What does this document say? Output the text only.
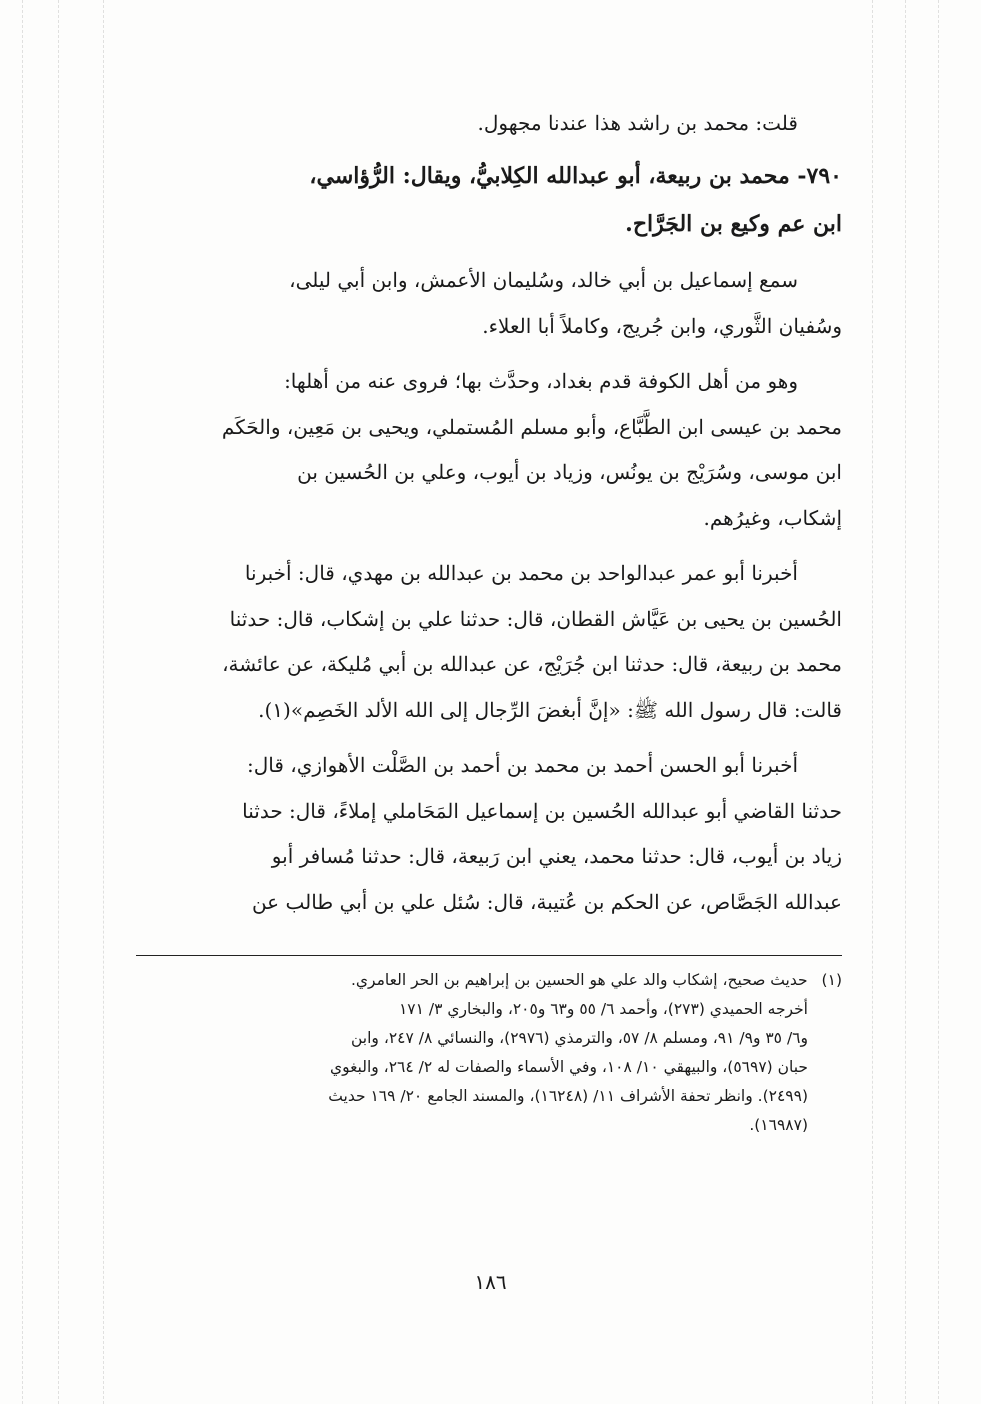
قلت: محمد بن راشد هذا عندنا مجهول.
٧٩٠- محمد بن ربيعة، أبو عبدالله الكِلابيُّ، ويقال: الرُّؤاسي،
ابن عم وكيع بن الجَرَّاح.
سمع إسماعيل بن أبي خالد، وسُليمان الأعمش، وابن أبي ليلى،
وسُفيان الثَّوري، وابن جُريج، وكاملاً أبا العلاء.
وهو من أهل الكوفة قدم بغداد، وحدَّث بها؛ فروى عنه من أهلها:
محمد بن عيسى ابن الطَّبَّاع، وأبو مسلم المُستملي، ويحيى بن مَعِين، والحَكَم
ابن موسى، وسُرَيْج بن يونُس، وزياد بن أيوب، وعلي بن الحُسين بن
إشكاب، وغيرُهم.
أخبرنا أبو عمر عبدالواحد بن محمد بن عبدالله بن مهدي، قال: أخبرنا
الحُسين بن يحيى بن عَيَّاش القطان، قال: حدثنا علي بن إشكاب، قال: حدثنا
محمد بن ربيعة، قال: حدثنا ابن جُرَيْج، عن عبدالله بن أبي مُليكة، عن عائشة،
قالت: قال رسول الله ﷺ: «إنَّ أبغضَ الرِّجال إلى الله الألد الخَصِم»(١).
أخبرنا أبو الحسن أحمد بن محمد بن أحمد بن الصَّلْت الأهوازي، قال:
حدثنا القاضي أبو عبدالله الحُسين بن إسماعيل المَحَاملي إملاءً، قال: حدثنا
زياد بن أيوب، قال: حدثنا محمد، يعني ابن رَبيعة، قال: حدثنا مُسافر أبو
عبدالله الجَصَّاص، عن الحكم بن عُتيبة، قال: سُئل علي بن أبي طالب عن
(١)حديث صحيح، إشكاب والد علي هو الحسين بن إبراهيم بن الحر العامري.
أخرجه الحميدي (٢٧٣)، وأحمد ٦/ ٥٥ و٦٣ و٢٠٥، والبخاري ٣/ ١٧١
و٦/ ٣٥ و٩/ ٩١، ومسلم ٨/ ٥٧، والترمذي (٢٩٧٦)، والنسائي ٨/ ٢٤٧، وابن
حبان (٥٦٩٧)، والبيهقي ١٠/ ١٠٨، وفي الأسماء والصفات له ٢/ ٢٦٤، والبغوي
(٢٤٩٩). وانظر تحفة الأشراف ١١/ (١٦٢٤٨)، والمسند الجامع ٢٠/ ١٦٩ حديث
(١٦٩٨٧).
١٨٦
